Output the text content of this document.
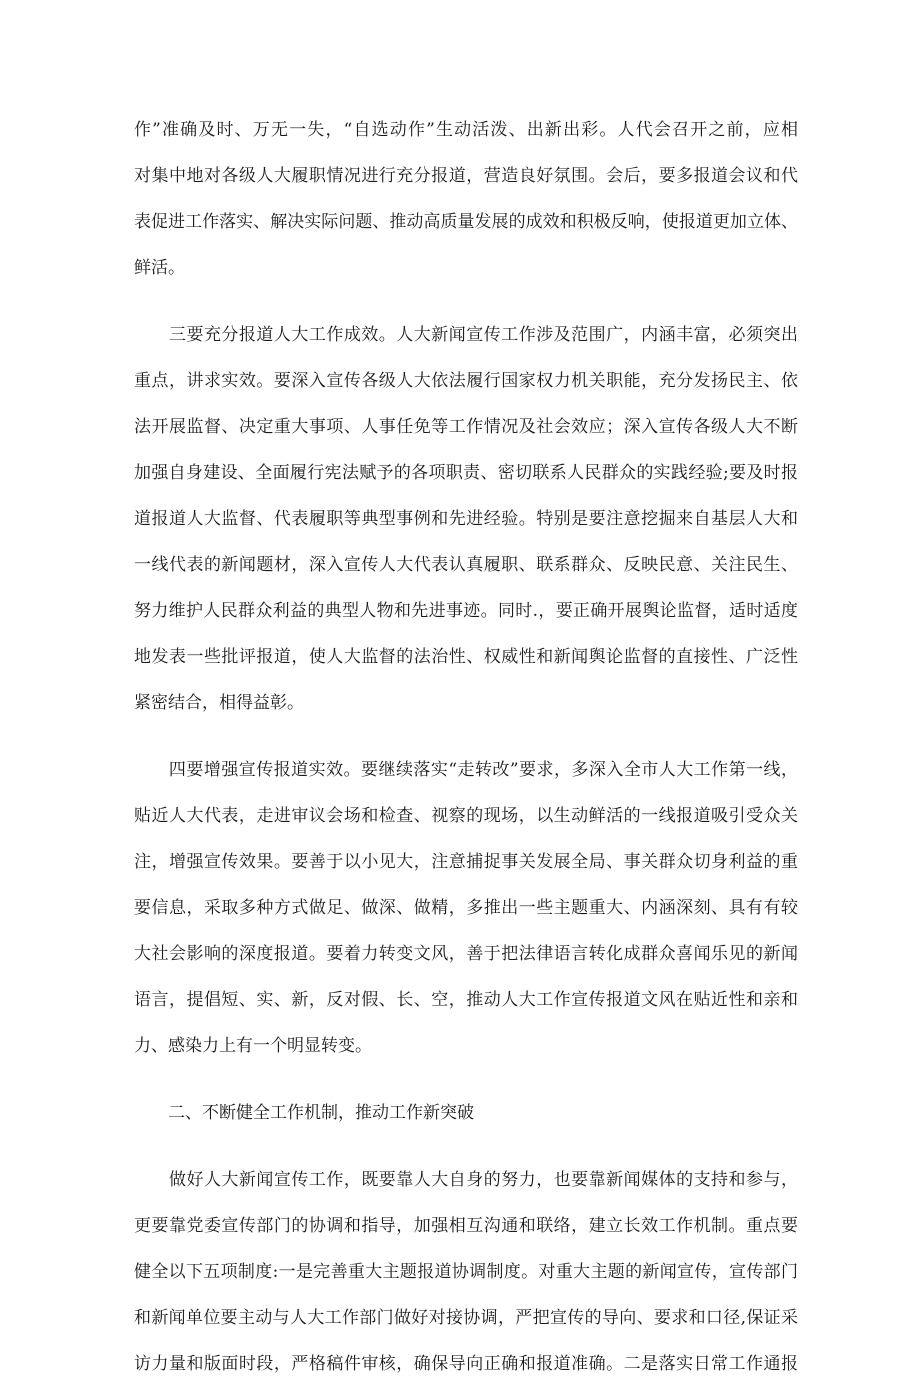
作”准确及时、万无一失，“自选动作”生动活泼、出新出彩。人代会召开之前，应相
对集中地对各级人大履职情况进行充分报道，营造良好氛围。会后，要多报道会议和代
表促进工作落实、解决实际问题、推动高质量发展的成效和积极反响，使报道更加立体、
鲜活。
　　三要充分报道人大工作成效。人大新闻宣传工作涉及范围广，内涵丰富，必须突出
重点，讲求实效。要深入宣传各级人大依法履行国家权力机关职能，充分发扬民主、依
法开展监督、决定重大事项、人事任免等工作情况及社会效应；深入宣传各级人大不断
加强自身建设、全面履行宪法赋予的各项职责、密切联系人民群众的实践经验;要及时报
道报道人大监督、代表履职等典型事例和先进经验。特别是要注意挖掘来自基层人大和
一线代表的新闻题材，深入宣传人大代表认真履职、联系群众、反映民意、关注民生、
努力维护人民群众利益的典型人物和先进事迹。同时.，要正确开展舆论监督，适时适度
地发表一些批评报道，使人大监督的法治性、权威性和新闻舆论监督的直接性、广泛性
紧密结合，相得益彰。
　　四要增强宣传报道实效。要继续落实“走转改”要求，多深入全市人大工作第一线，
贴近人大代表，走进审议会场和检查、视察的现场，以生动鲜活的一线报道吸引受众关
注，增强宣传效果。要善于以小见大，注意捕捉事关发展全局、事关群众切身利益的重
要信息，采取多种方式做足、做深、做精，多推出一些主题重大、内涵深刻、具有有较
大社会影响的深度报道。要着力转变文风，善于把法律语言转化成群众喜闻乐见的新闻
语言，提倡短、实、新，反对假、长、空，推动人大工作宣传报道文风在贴近性和亲和
力、感染力上有一个明显转变。
　　二、不断健全工作机制，推动工作新突破
　　做好人大新闻宣传工作，既要靠人大自身的努力，也要靠新闻媒体的支持和参与，
更要靠党委宣传部门的协调和指导，加强相互沟通和联络，建立长效工作机制。重点要
健全以下五项制度:一是完善重大主题报道协调制度。对重大主题的新闻宣传，宣传部门
和新闻单位要主动与人大工作部门做好对接协调，严把宣传的导向、要求和口径,保证采
访力量和版面时段，严格稿件审核，确保导向正确和报道准确。二是落实日常工作通报
